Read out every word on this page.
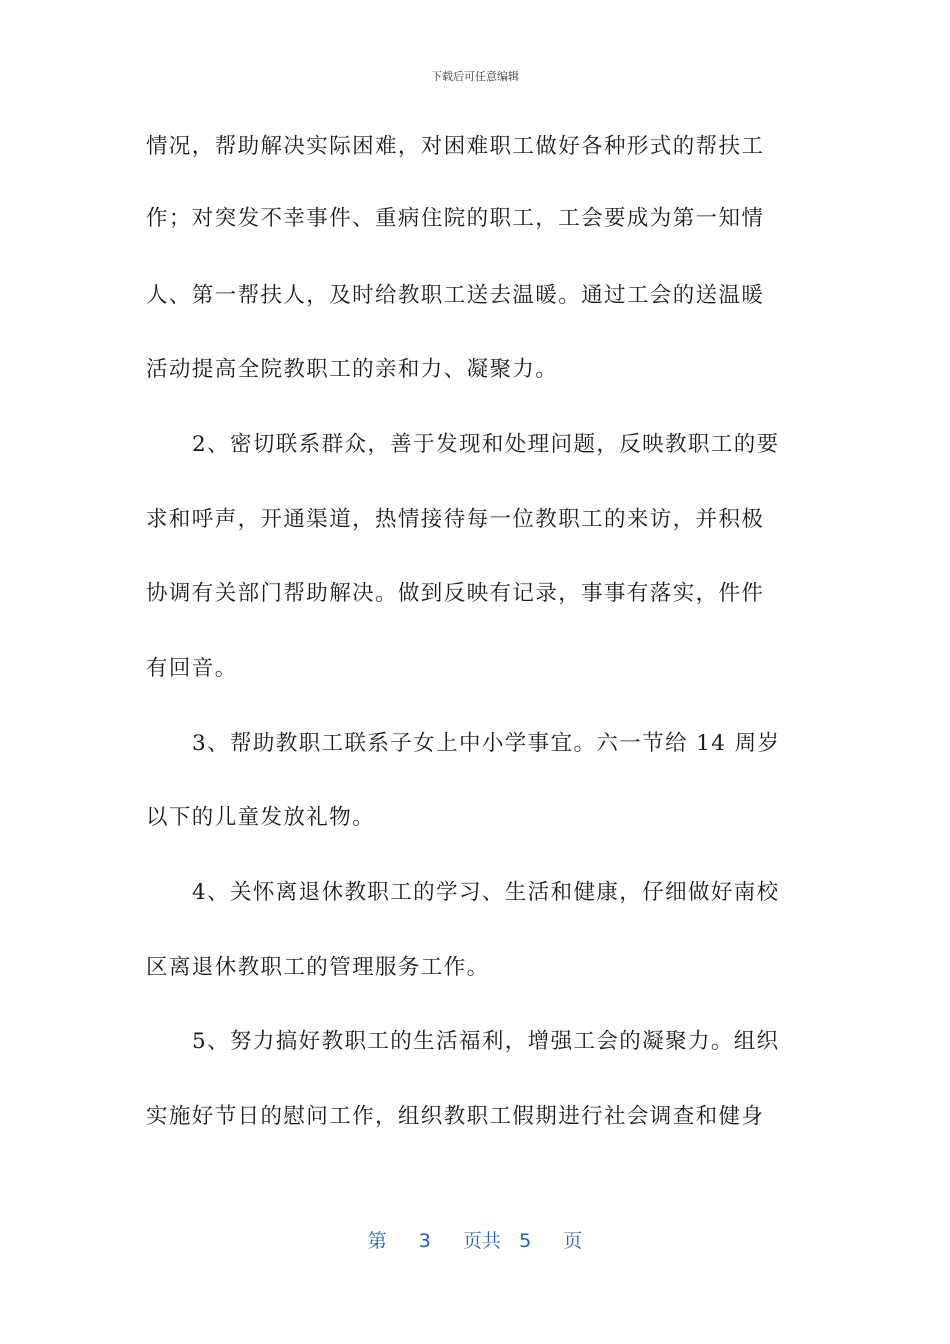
下载后可任意编辑
情况，帮助解决实际困难，对困难职工做好各种形式的帮扶工
作；对突发不幸事件、重病住院的职工，工会要成为第一知情
人、第一帮扶人，及时给教职工送去温暖。通过工会的送温暖
活动提高全院教职工的亲和力、凝聚力。
2、密切联系群众，善于发现和处理问题，反映教职工的要
求和呼声，开通渠道，热情接待每一位教职工的来访，并积极
协调有关部门帮助解决。做到反映有记录，事事有落实，件件
有回音。
3、帮助教职工联系子女上中小学事宜。六一节给 14 周岁
以下的儿童发放礼物。
4、关怀离退休教职工的学习、生活和健康，仔细做好南校
区离退休教职工的管理服务工作。
5、努力搞好教职工的生活福利，增强工会的凝聚力。组织
实施好节日的慰问工作，组织教职工假期进行社会调查和健身
第 3 页共 5 页
